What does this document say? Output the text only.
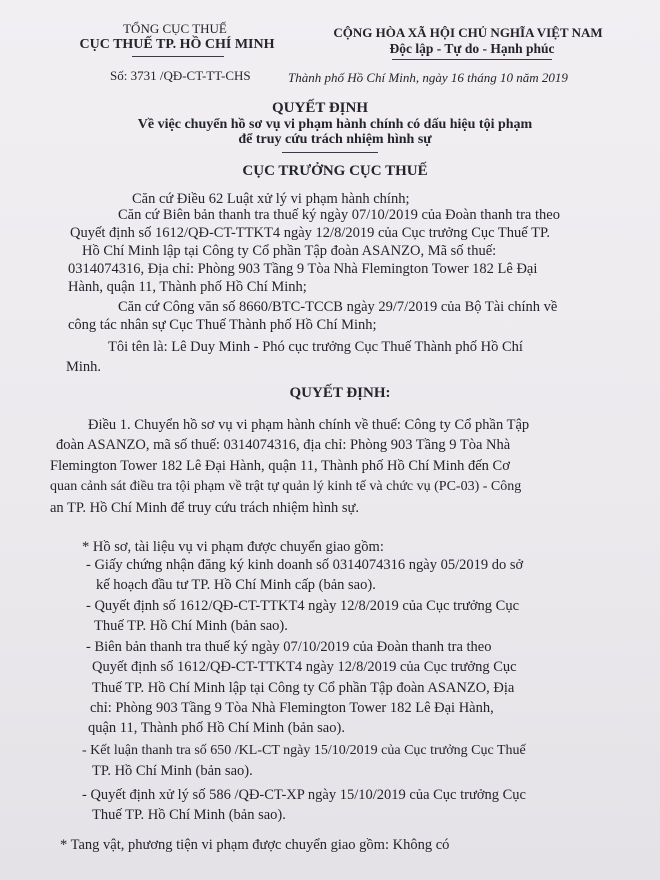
TỔNG CỤC THUẾ
CỤC THUẾ TP. HỒ CHÍ MINH
CỘNG HÒA XÃ HỘI CHỦ NGHĨA VIỆT NAM
Độc lập - Tự do - Hạnh phúc
Số: 3731 /QĐ-CT-TT-CHS	Thành phố Hồ Chí Minh, ngày 16 tháng 10 năm 2019
QUYẾT ĐỊNH
Về việc chuyển hồ sơ vụ vi phạm hành chính có dấu hiệu tội phạm
để truy cứu trách nhiệm hình sự
CỤC TRƯỞNG CỤC THUẾ
Căn cứ Điều 62 Luật xử lý vi phạm hành chính;
Căn cứ Biên bản thanh tra thuế ký ngày 07/10/2019 của Đoàn thanh tra theo
Quyết định số 1612/QĐ-CT-TTKT4 ngày 12/8/2019 của Cục trưởng Cục Thuế TP.
Hồ Chí Minh lập tại Công ty Cổ phần Tập đoàn ASANZO, Mã số thuế:
0314074316, Địa chỉ: Phòng 903 Tầng 9 Tòa Nhà Flemington Tower 182 Lê Đại
Hành, quận 11, Thành phố Hồ Chí Minh;
Căn cứ Công văn số 8660/BTC-TCCB ngày 29/7/2019 của Bộ Tài chính về
công tác nhân sự Cục Thuế Thành phố Hồ Chí Minh;
Tôi tên là: Lê Duy Minh - Phó cục trưởng Cục Thuế Thành phố Hồ Chí
Minh.
QUYẾT ĐỊNH:
Điều 1. Chuyển hồ sơ vụ vi phạm hành chính về thuế: Công ty Cổ phần Tập
đoàn ASANZO, mã số thuế: 0314074316, địa chỉ: Phòng 903 Tầng 9 Tòa Nhà
Flemington Tower 182 Lê Đại Hành, quận 11, Thành phố Hồ Chí Minh đến Cơ
quan cảnh sát điều tra tội phạm về trật tự quản lý kinh tế và chức vụ (PC-03) - Công
an TP. Hồ Chí Minh để truy cứu trách nhiệm hình sự.
* Hồ sơ, tài liệu vụ vi phạm được chuyển giao gồm:
- Giấy chứng nhận đăng ký kinh doanh số 0314074316 ngày 05/2019 do sở
kế hoạch đầu tư TP. Hồ Chí Minh cấp (bản sao).
- Quyết định số 1612/QĐ-CT-TTKT4 ngày 12/8/2019 của Cục trưởng Cục
Thuế TP. Hồ Chí Minh (bản sao).
- Biên bản thanh tra thuế ký ngày 07/10/2019 của Đoàn thanh tra theo
Quyết định số 1612/QĐ-CT-TTKT4 ngày 12/8/2019 của Cục trưởng Cục
Thuế TP. Hồ Chí Minh lập tại Công ty Cổ phần Tập đoàn ASANZO, Địa
chỉ: Phòng 903 Tầng 9 Tòa Nhà Flemington Tower 182 Lê Đại Hành,
quận 11, Thành phố Hồ Chí Minh (bản sao).
- Kết luận thanh tra số 650 /KL-CT ngày 15/10/2019 của Cục trưởng Cục Thuế
TP. Hồ Chí Minh (bản sao).
- Quyết định xử lý số 586 /QĐ-CT-XP ngày 15/10/2019 của Cục trưởng Cục
Thuế TP. Hồ Chí Minh (bản sao).
* Tang vật, phương tiện vi phạm được chuyển giao gồm: Không có
